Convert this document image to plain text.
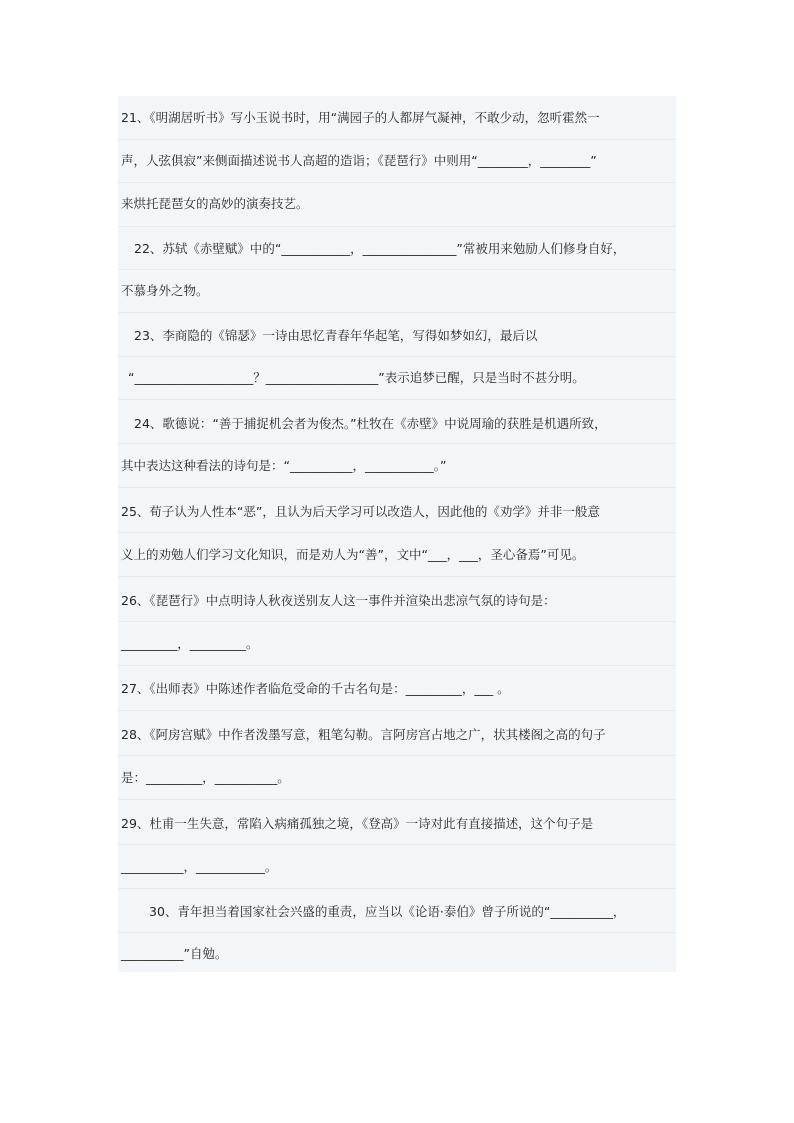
21、《明湖居听书》写小玉说书时，用“满园子的人都屏气凝神，不敢少动，忽听霍然一
声，人弦俱寂”来侧面描述说书人高超的造诣；《琵琶行》中则用“________，________”
来烘托琵琶女的高妙的演奏技艺。
22、苏轼《赤壁赋》中的“___________，_______________”常被用来勉励人们修身自好，
不慕身外之物。
23、李商隐的《锦瑟》一诗由思忆青春年华起笔，写得如梦如幻，最后以
“___________________？__________________”表示追梦已醒，只是当时不甚分明。
24、歌德说：“善于捕捉机会者为俊杰。”杜牧在《赤壁》中说周瑜的获胜是机遇所致，
其中表达这种看法的诗句是：“__________，___________。”
25、荀子认为人性本“恶”，且认为后天学习可以改造人，因此他的《劝学》并非一般意
义上的劝勉人们学习文化知识，而是劝人为“善”，文中“___，___，圣心备焉”可见。
26、《琵琶行》中点明诗人秋夜送别友人这一事件并渲染出悲凉气氛的诗句是：
_________，_________。
27、《出师表》中陈述作者临危受命的千古名句是：_________，___ 。
28、《阿房宫赋》中作者泼墨写意，粗笔勾勒。言阿房宫占地之广，状其楼阁之高的句子
是：_________，__________。
29、杜甫一生失意，常陷入病痛孤独之境，《登高》一诗对此有直接描述，这个句子是
__________，___________。
30、青年担当着国家社会兴盛的重责，应当以《论语·泰伯》曾子所说的“__________，
__________”自勉。
